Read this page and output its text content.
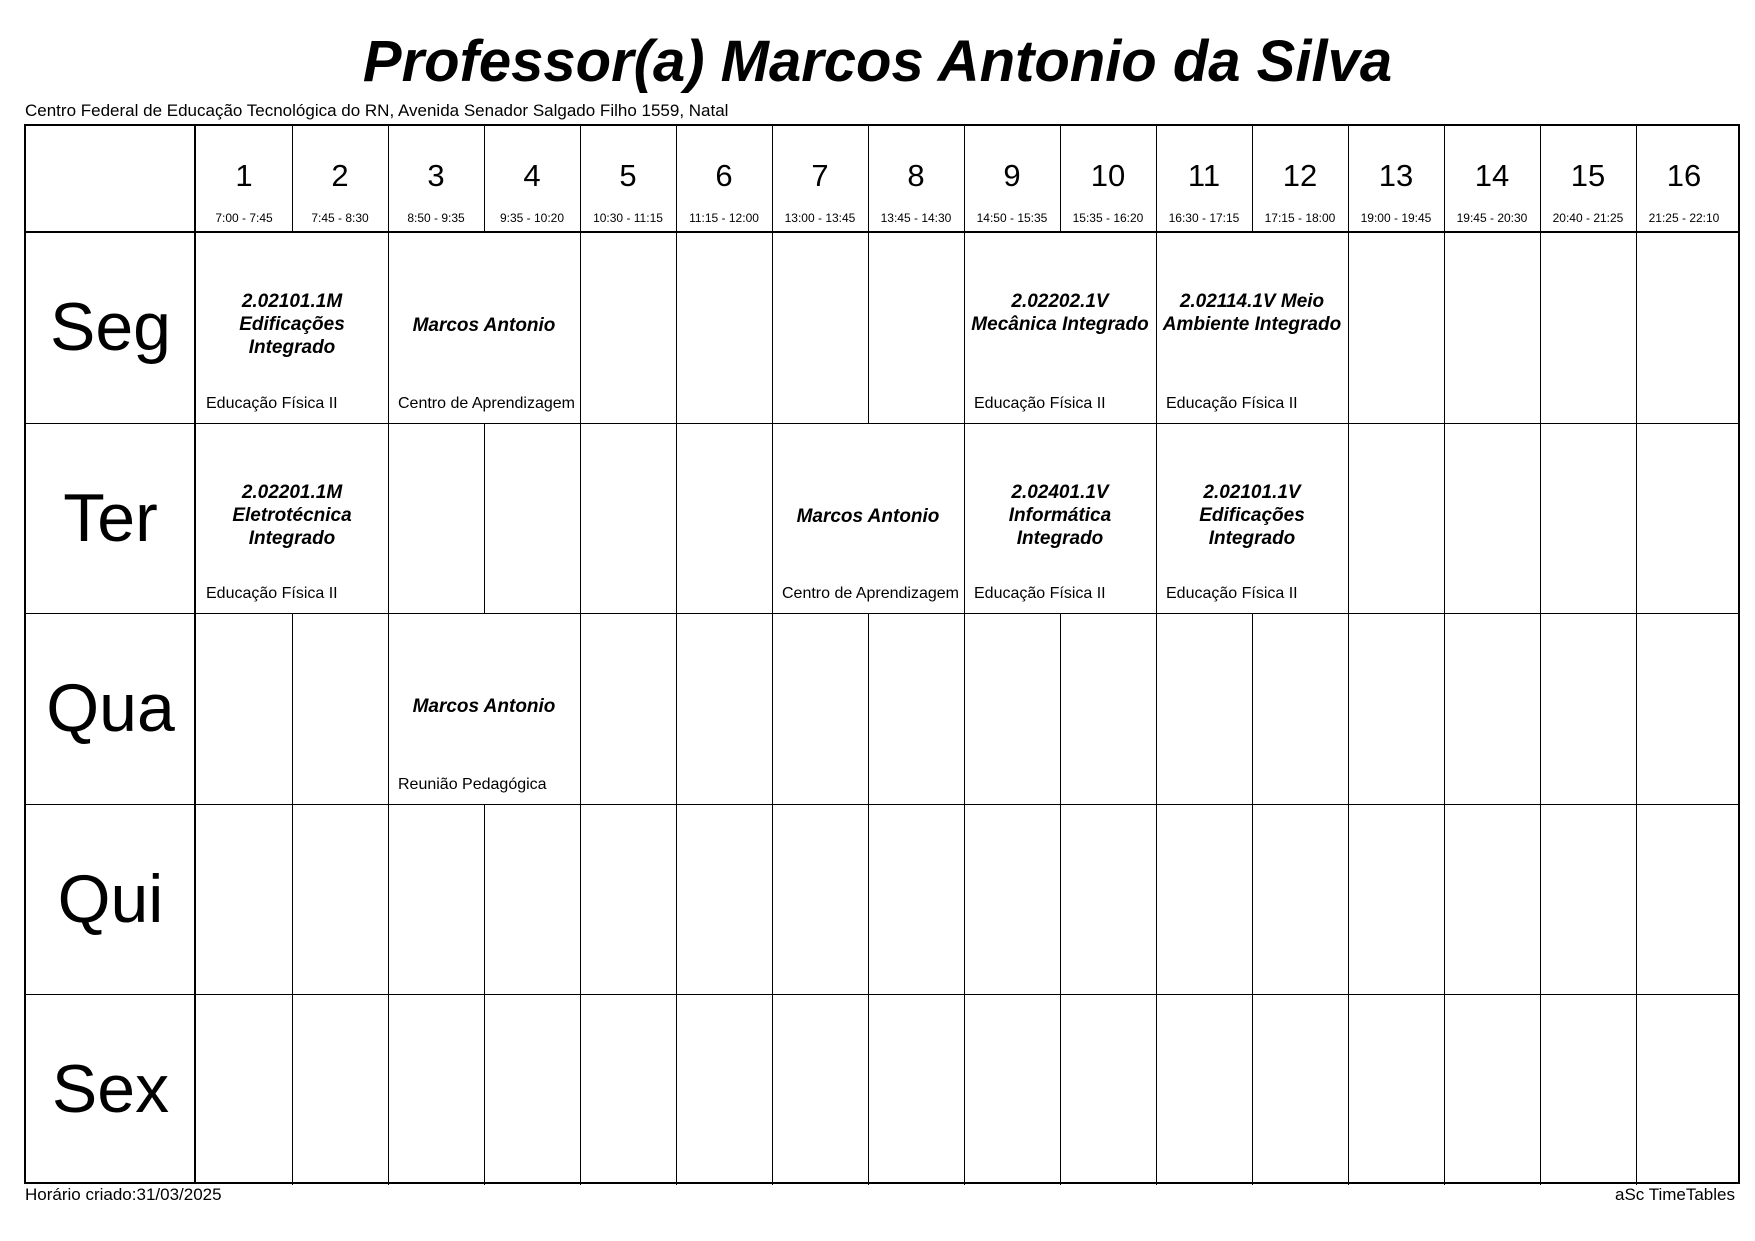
Professor(a) Marcos Antonio da Silva
Centro Federal de Educação Tecnológica do RN, Avenida Senador Salgado Filho 1559, Natal
1
7:00 - 7:45
2
7:45 - 8:30
3
8:50 - 9:35
4
9:35 - 10:20
5
10:30 - 11:15
6
11:15 - 12:00
7
13:00 - 13:45
8
13:45 - 14:30
9
14:50 - 15:35
10
15:35 - 16:20
11
16:30 - 17:15
12
17:15 - 18:00
13
19:00 - 19:45
14
19:45 - 20:30
15
20:40 - 21:25
16
21:25 - 22:10
Seg
Ter
Qua
Qui
Sex
2.02101.1M Edificações Integrado
Educação Física II
Marcos Antonio
Centro de Aprendizagem
2.02202.1V Mecânica Integrado
Educação Física II
2.02114.1V Meio Ambiente Integrado
Educação Física II
2.02201.1M Eletrotécnica Integrado
Educação Física II
Marcos Antonio
Centro de Aprendizagem
2.02401.1V Informática Integrado
Educação Física II
2.02101.1V Edificações Integrado
Educação Física II
Marcos Antonio
Reunião Pedagógica
Horário criado:31/03/2025	aSc TimeTables
